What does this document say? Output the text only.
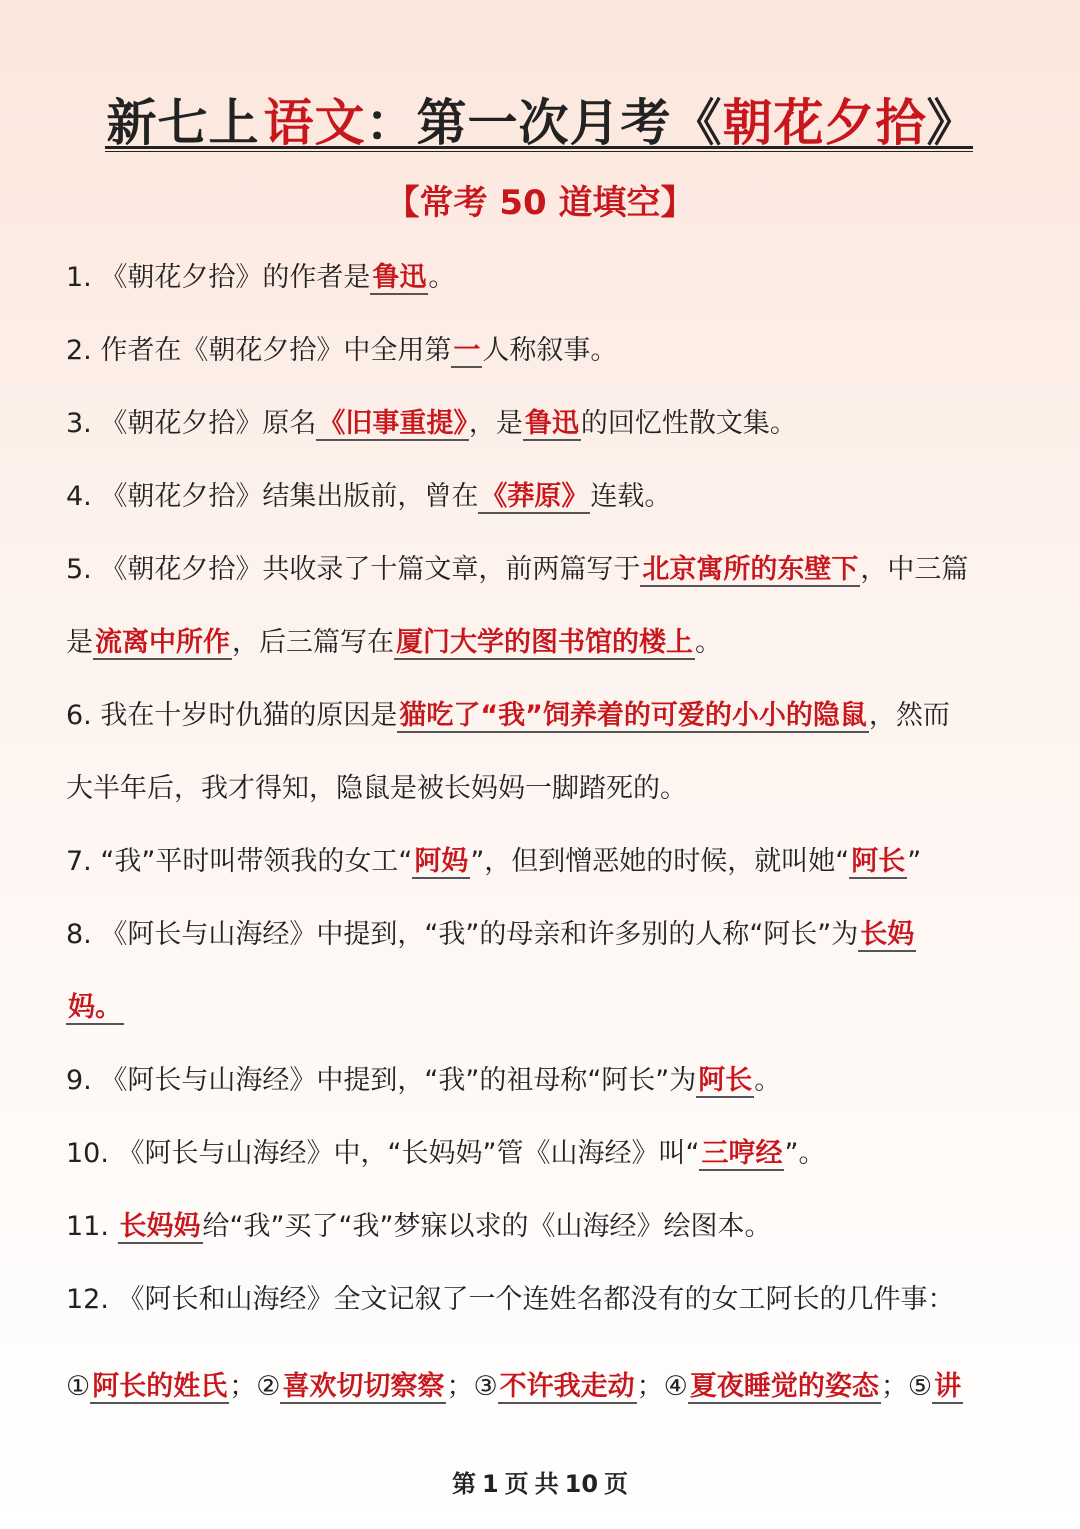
新七上语文：第一次月考《朝花夕拾》
【常考 50 道填空】
1. 《朝花夕拾》的作者是鲁迅。
2. 作者在《朝花夕拾》中全用第一人称叙事。
3. 《朝花夕拾》原名《旧事重提》，是鲁迅的回忆性散文集。
4. 《朝花夕拾》结集出版前，曾在《莽原》连载。
5. 《朝花夕拾》共收录了十篇文章，前两篇写于北京寓所的东壁下，中三篇
是流离中所作，后三篇写在厦门大学的图书馆的楼上。
6. 我在十岁时仇猫的原因是猫吃了“我”饲养着的可爱的小小的隐鼠，然而
大半年后，我才得知，隐鼠是被长妈妈一脚踏死的。
7. “我”平时叫带领我的女工“阿妈”，但到憎恶她的时候，就叫她“阿长”
8. 《阿长与山海经》中提到，“我”的母亲和许多别的人称“阿长”为长妈
妈。
9. 《阿长与山海经》中提到，“我”的祖母称“阿长”为阿长。
10. 《阿长与山海经》中，“长妈妈”管《山海经》叫“三哼经”。
11. 长妈妈给“我”买了“我”梦寐以求的《山海经》绘图本。
12. 《阿长和山海经》全文记叙了一个连姓名都没有的女工阿长的几件事：
①阿长的姓氏；②喜欢切切察察；③不许我走动；④夏夜睡觉的姿态；⑤讲
第 1 页 共 10 页
